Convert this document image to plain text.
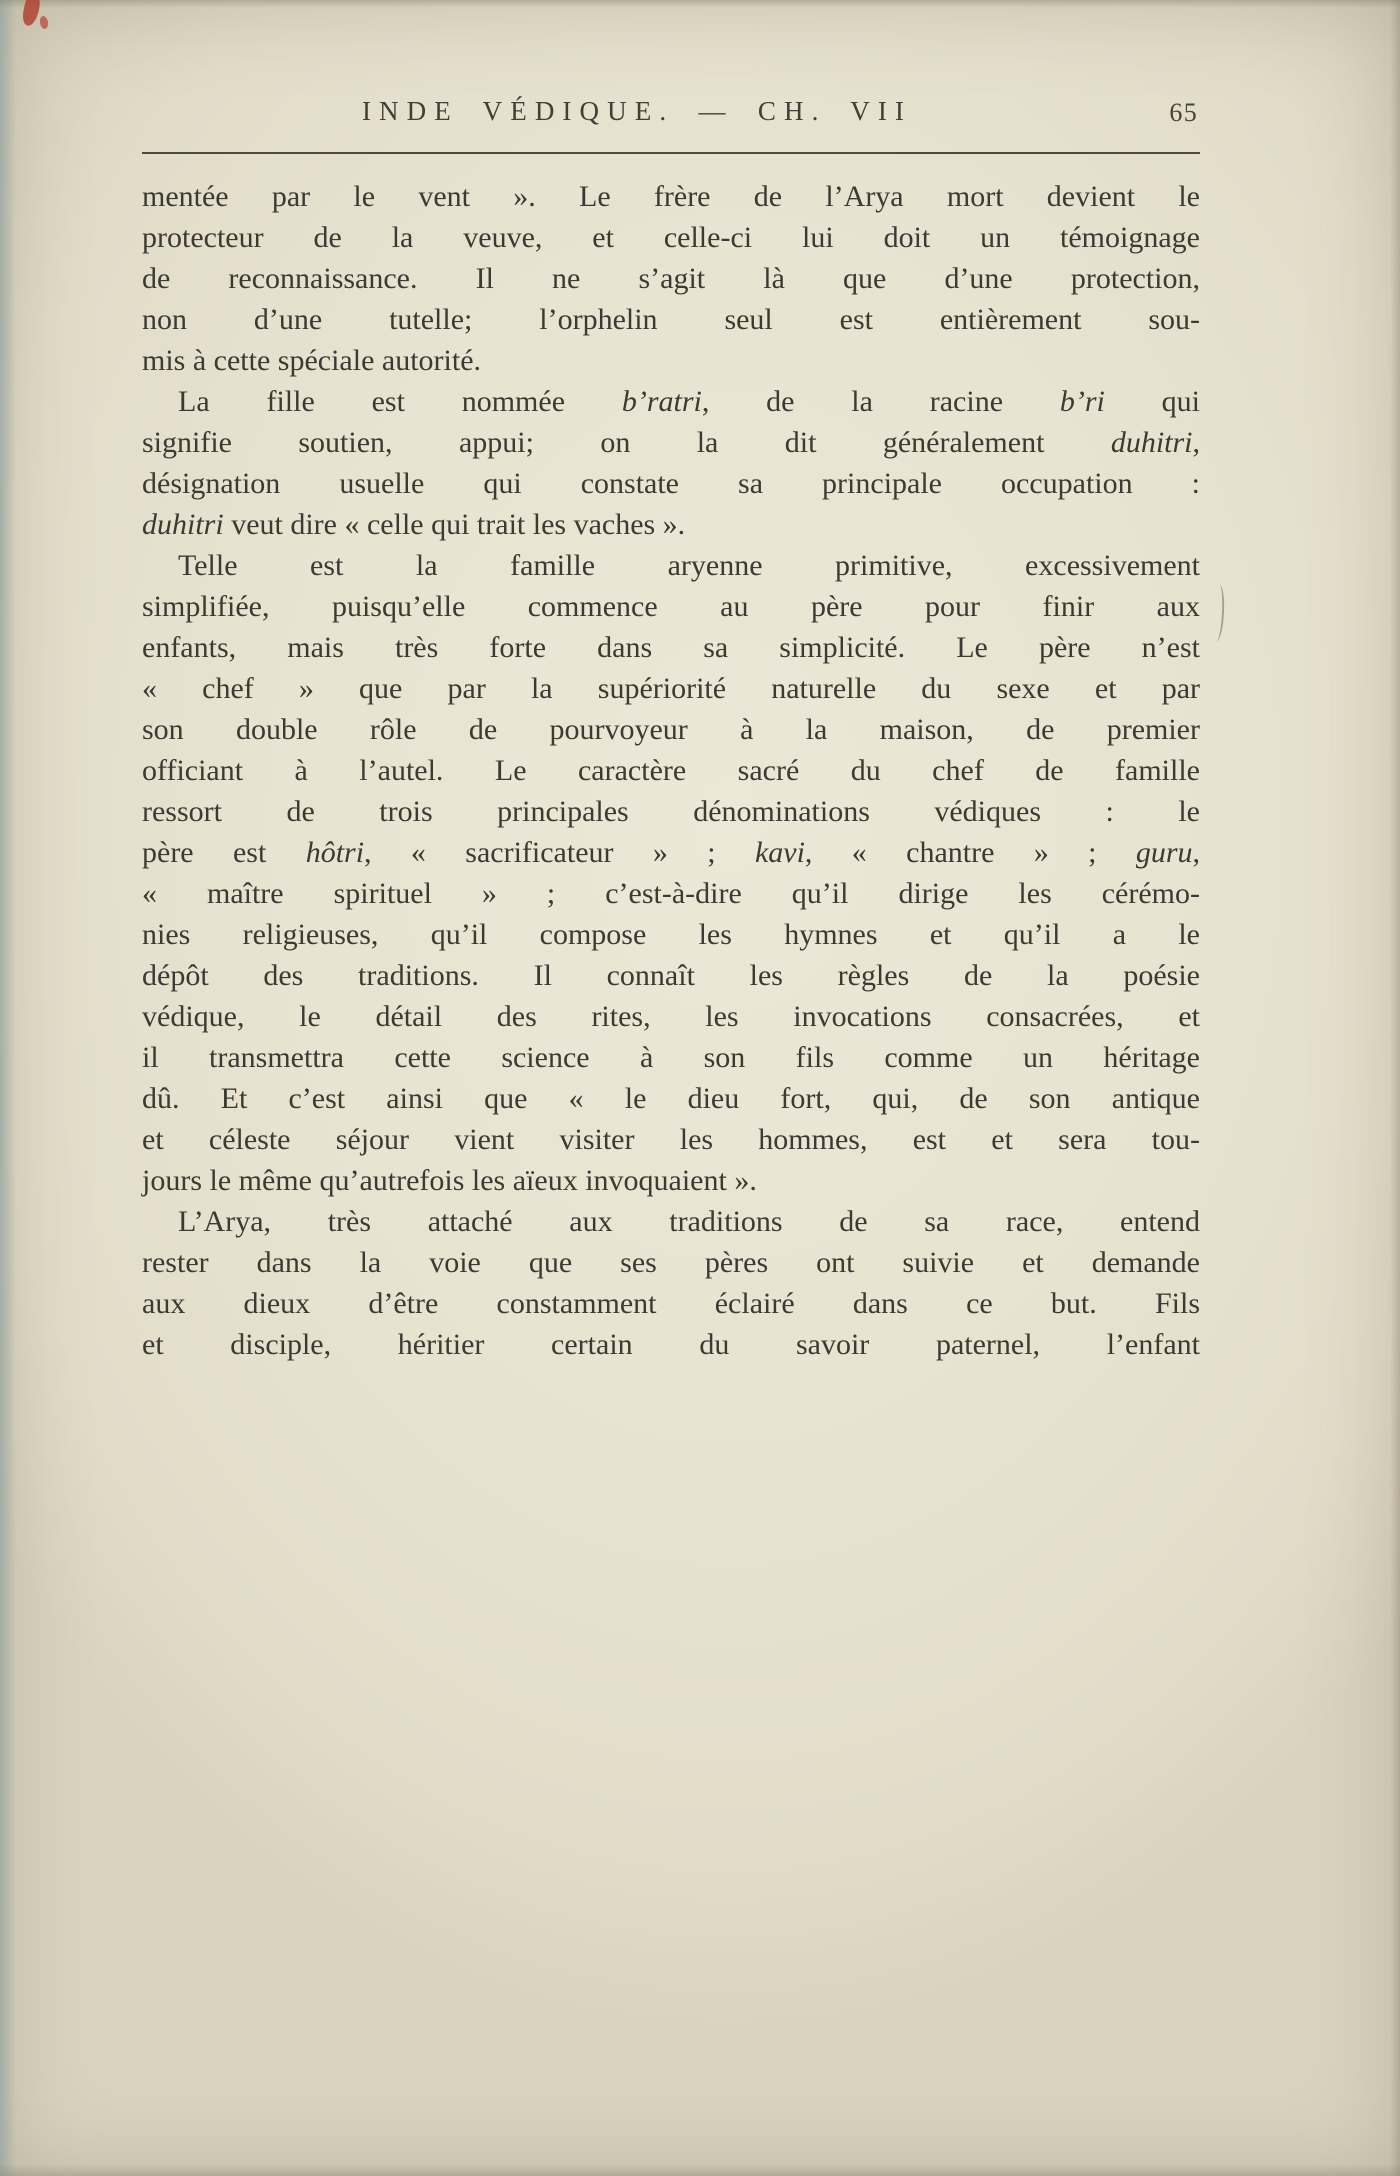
INDE VÉDIQUE. — CH. VII	65
mentée par le vent ». Le frère de l’Arya mort devient le
protecteur de la veuve, et celle-ci lui doit un témoignage
de reconnaissance. Il ne s’agit là que d’une protection,
non d’une tutelle; l’orphelin seul est entièrement sou-
mis à cette spéciale autorité.
La fille est nommée b’ratri, de la racine b’ri qui
signifie soutien, appui; on la dit généralement duhitri,
désignation usuelle qui constate sa principale occupation :
duhitri veut dire « celle qui trait les vaches ».
Telle est la famille aryenne primitive, excessivement
simplifiée, puisqu’elle commence au père pour finir aux
enfants, mais très forte dans sa simplicité. Le père n’est
« chef » que par la supériorité naturelle du sexe et par
son double rôle de pourvoyeur à la maison, de premier
officiant à l’autel. Le caractère sacré du chef de famille
ressort de trois principales dénominations védiques : le
père est hôtri, « sacrificateur » ; kavi, « chantre » ; guru,
« maître spirituel » ; c’est-à-dire qu’il dirige les cérémo-
nies religieuses, qu’il compose les hymnes et qu’il a le
dépôt des traditions. Il connaît les règles de la poésie
védique, le détail des rites, les invocations consacrées, et
il transmettra cette science à son fils comme un héritage
dû. Et c’est ainsi que « le dieu fort, qui, de son antique
et céleste séjour vient visiter les hommes, est et sera tou-
jours le même qu’autrefois les aïeux invoquaient ».
L’Arya, très attaché aux traditions de sa race, entend
rester dans la voie que ses pères ont suivie et demande
aux dieux d’être constamment éclairé dans ce but. Fils
et disciple, héritier certain du savoir paternel, l’enfant
